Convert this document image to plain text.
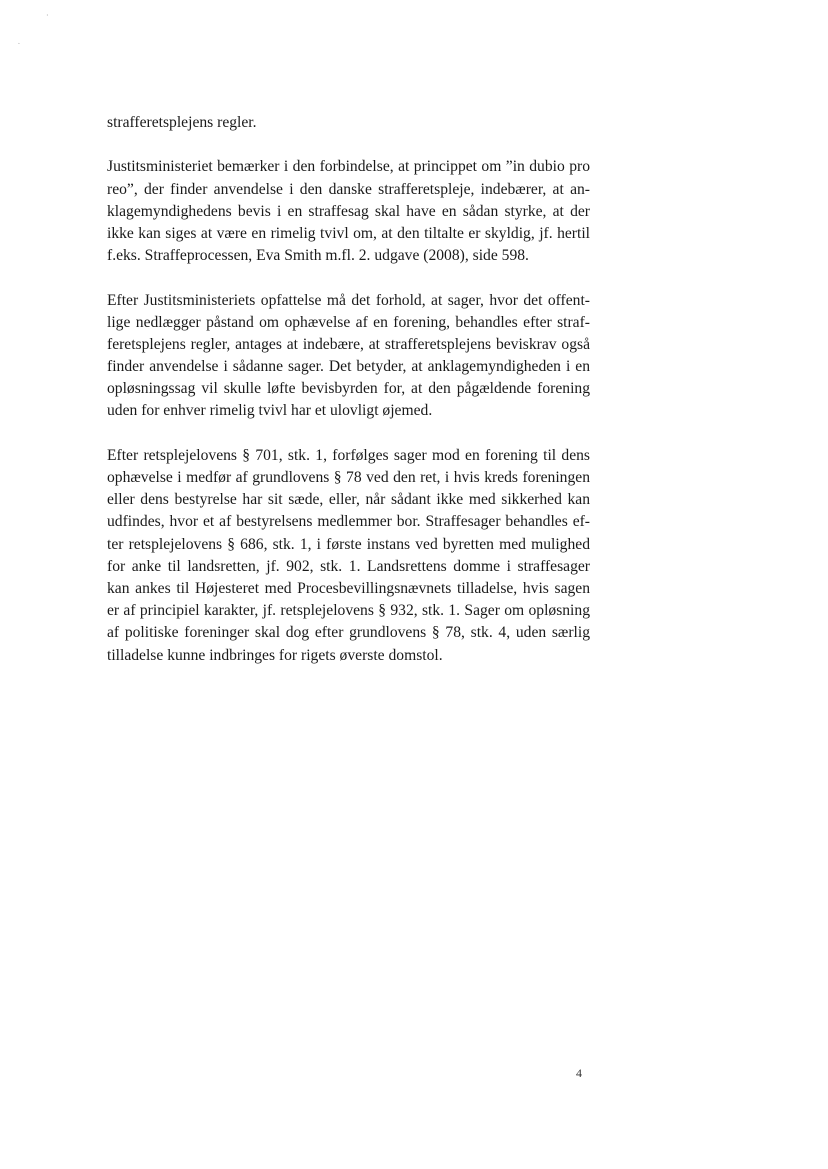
·
·
strafferetsplejens regler.
Justitsministeriet bemærker i den forbindelse, at princippet om ”in dubio pro
reo”, der finder anvendelse i den danske strafferetspleje, indebærer, at an-
klagemyndighedens bevis i en straffesag skal have en sådan styrke, at der
ikke kan siges at være en rimelig tvivl om, at den tiltalte er skyldig, jf. hertil
f.eks. Straffeprocessen, Eva Smith m.fl. 2. udgave (2008), side 598.
Efter Justitsministeriets opfattelse må det forhold, at sager, hvor det offent-
lige nedlægger påstand om ophævelse af en forening, behandles efter straf-
feretsplejens regler, antages at indebære, at strafferetsplejens beviskrav også
finder anvendelse i sådanne sager. Det betyder, at anklagemyndigheden i en
opløsningssag vil skulle løfte bevisbyrden for, at den pågældende forening
uden for enhver rimelig tvivl har et ulovligt øjemed.
Efter retsplejelovens § 701, stk. 1, forfølges sager mod en forening til dens
ophævelse i medfør af grundlovens § 78 ved den ret, i hvis kreds foreningen
eller dens bestyrelse har sit sæde, eller, når sådant ikke med sikkerhed kan
udfindes, hvor et af bestyrelsens medlemmer bor. Straffesager behandles ef-
ter retsplejelovens § 686, stk. 1, i første instans ved byretten med mulighed
for anke til landsretten, jf. 902, stk. 1. Landsrettens domme i straffesager
kan ankes til Højesteret med Procesbevillingsnævnets tilladelse, hvis sagen
er af principiel karakter, jf. retsplejelovens § 932, stk. 1. Sager om opløsning
af politiske foreninger skal dog efter grundlovens § 78, stk. 4, uden særlig
tilladelse kunne indbringes for rigets øverste domstol.
4
